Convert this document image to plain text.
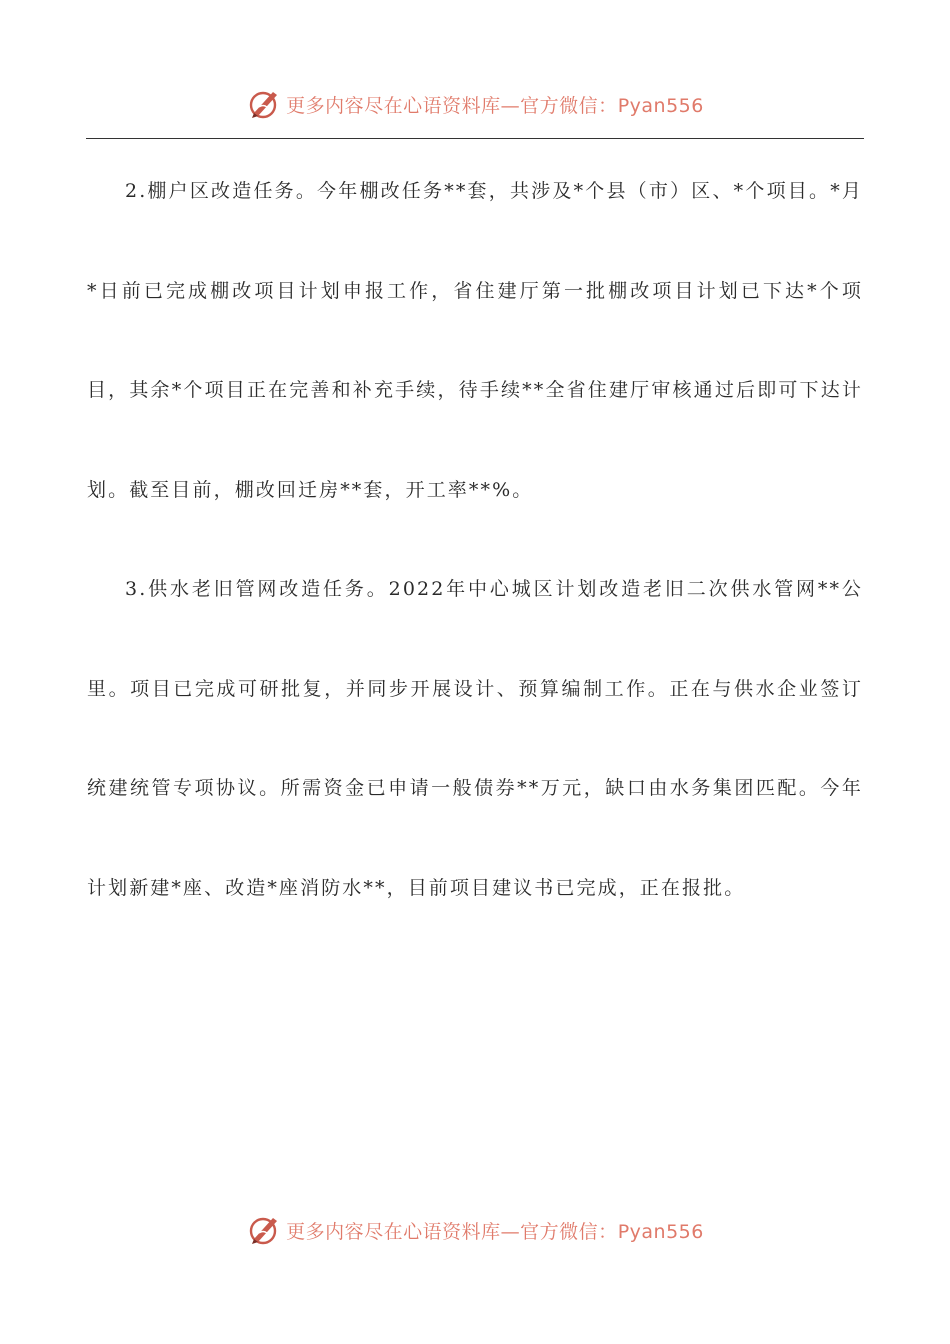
更多内容尽在心语资料库—官方微信：Pyan556

2.棚户区改造任务。今年棚改任务**套，共涉及*个县（市）区、*个项目。*月*日前已完成棚改项目计划申报工作，省住建厅第一批棚改项目计划已下达*个项目，其余*个项目正在完善和补充手续，待手续**全省住建厅审核通过后即可下达计划。截至目前，棚改回迁房**套，开工率**%。

3.供水老旧管网改造任务。2022年中心城区计划改造老旧二次供水管网**公里。项目已完成可研批复，并同步开展设计、预算编制工作。正在与供水企业签订统建统管专项协议。所需资金已申请一般债券**万元，缺口由水务集团匹配。今年计划新建*座、改造*座消防水**，目前项目建议书已完成，正在报批。

更多内容尽在心语资料库—官方微信：Pyan556
